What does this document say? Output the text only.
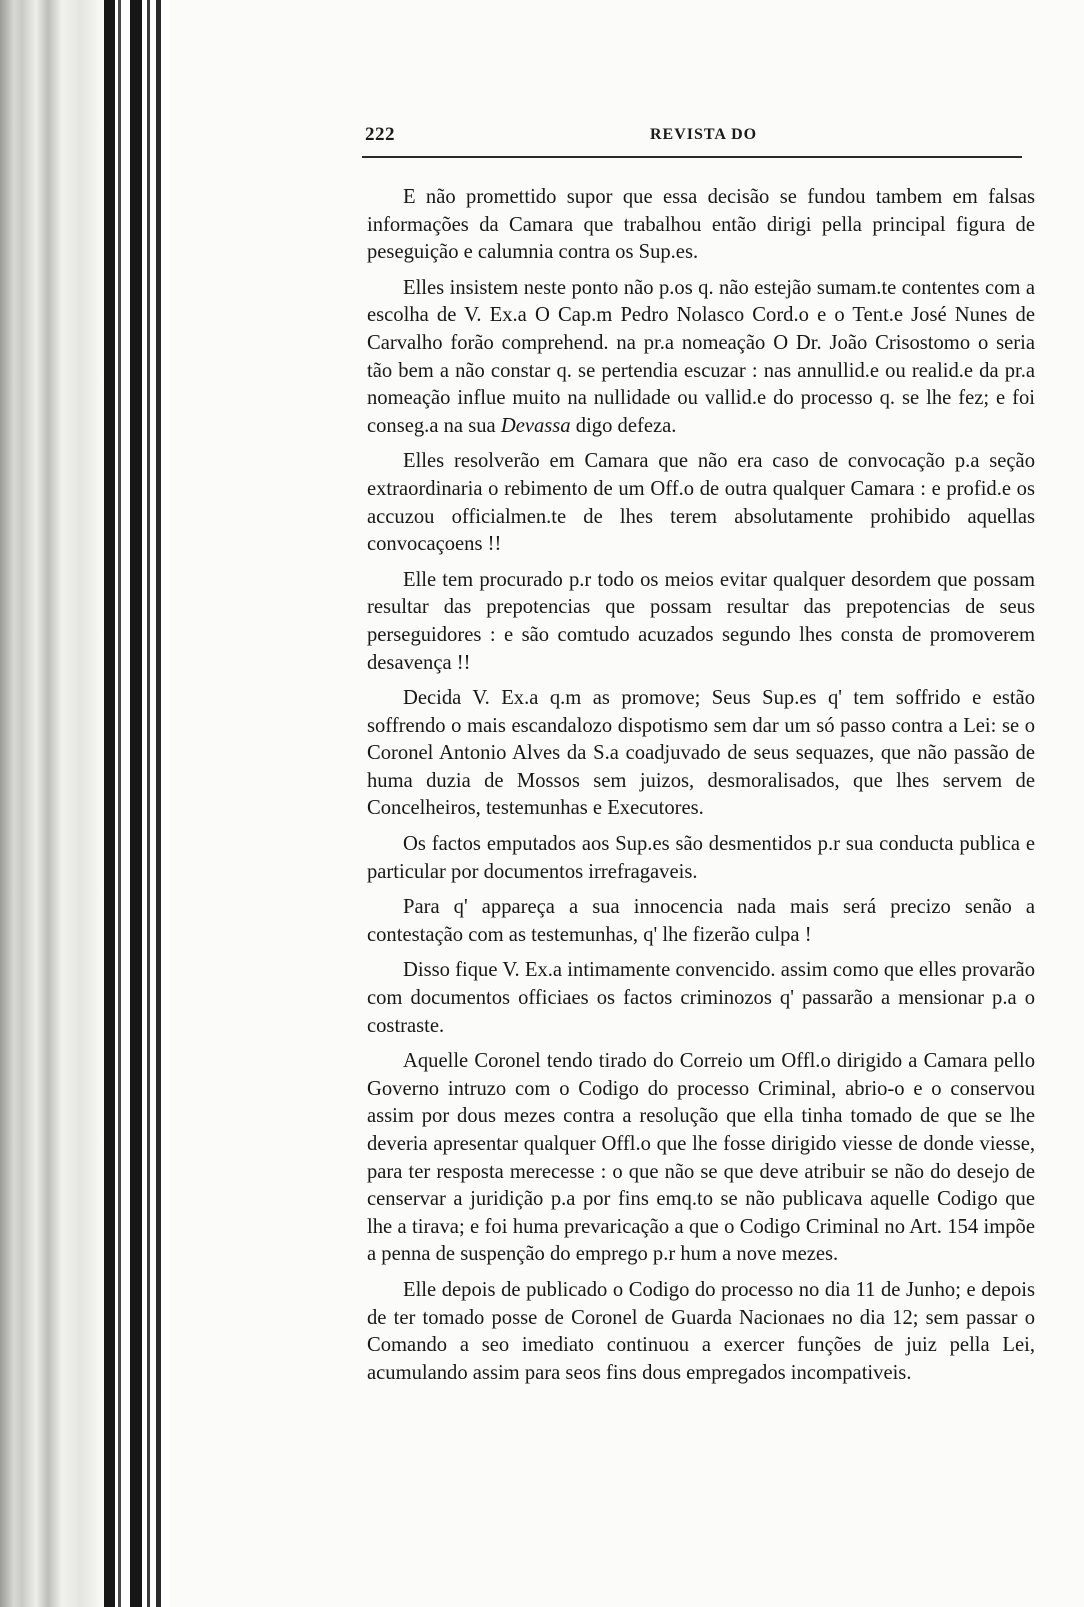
222	REVISTA DO

E não promettido supor que essa decisão se fundou tambem em falsas informações da Camara que trabalhou então dirigi pella principal figura de peseguição e calumnia contra os Sup.es.

Elles insistem neste ponto não p.os q. não estejão sumam.te contentes com a escolha de V. Ex.a O Cap.m Pedro Nolasco Cord.o e o Tent.e José Nunes de Carvalho forão comprehend. na pr.a nomeação O Dr. João Crisostomo o seria tão bem a não constar q. se pertendia escuzar : nas annullid.e ou realid.e da pr.a nomeação influe muito na nullidade ou vallid.e do processo q. se lhe fez; e foi conseg.a na sua Devassa digo defeza.

Elles resolverão em Camara que não era caso de convocação p.a seção extraordinaria o rebimento de um Off.o de outra qualquer Camara : e profid.e os accuzou officialmen.te de lhes terem absolutamente prohibido aquellas convocaçoens !!

Elle tem procurado p.r todo os meios evitar qualquer desordem que possam resultar das prepotencias que possam resultar das prepotencias de seus perseguidores : e são comtudo acuzados segundo lhes consta de promoverem desavença !!

Decida V. Ex.a q.m as promove; Seus Sup.es q' tem soffrido e estão soffrendo o mais escandalozo dispotismo sem dar um só passo contra a Lei: se o Coronel Antonio Alves da S.a coadjuvado de seus sequazes, que não passão de huma duzia de Mossos sem juizos, desmoralisados, que lhes servem de Concelheiros, testemunhas e Executores.

Os factos emputados aos Sup.es são desmentidos p.r sua conducta publica e particular por documentos irrefragaveis.

Para q' appareça a sua innocencia nada mais será precizo senão a contestação com as testemunhas, q' lhe fizerão culpa !

Disso fique V. Ex.a intimamente convencido. assim como que elles provarão com documentos officiaes os factos criminozos q' passarão a mensionar p.a o costraste.

Aquelle Coronel tendo tirado do Correio um Offl.o dirigido a Camara pello Governo intruzo com o Codigo do processo Criminal, abrio-o e o conservou assim por dous mezes contra a resolução que ella tinha tomado de que se lhe deveria apresentar qualquer Offl.o que lhe fosse dirigido viesse de donde viesse, para ter resposta merecesse : o que não se que deve atribuir se não do desejo de censervar a juridição p.a por fins emq.to se não publicava aquelle Codigo que lhe a tirava; e foi huma prevaricação a que o Codigo Criminal no Art. 154 impõe a penna de suspenção do emprego p.r hum a nove mezes.

Elle depois de publicado o Codigo do processo no dia 11 de Junho; e depois de ter tomado posse de Coronel de Guarda Nacionaes no dia 12; sem passar o Comando a seo imediato continuou a exercer funções de juiz pella Lei, acumulando assim para seos fins dous empregados incompativeis.
